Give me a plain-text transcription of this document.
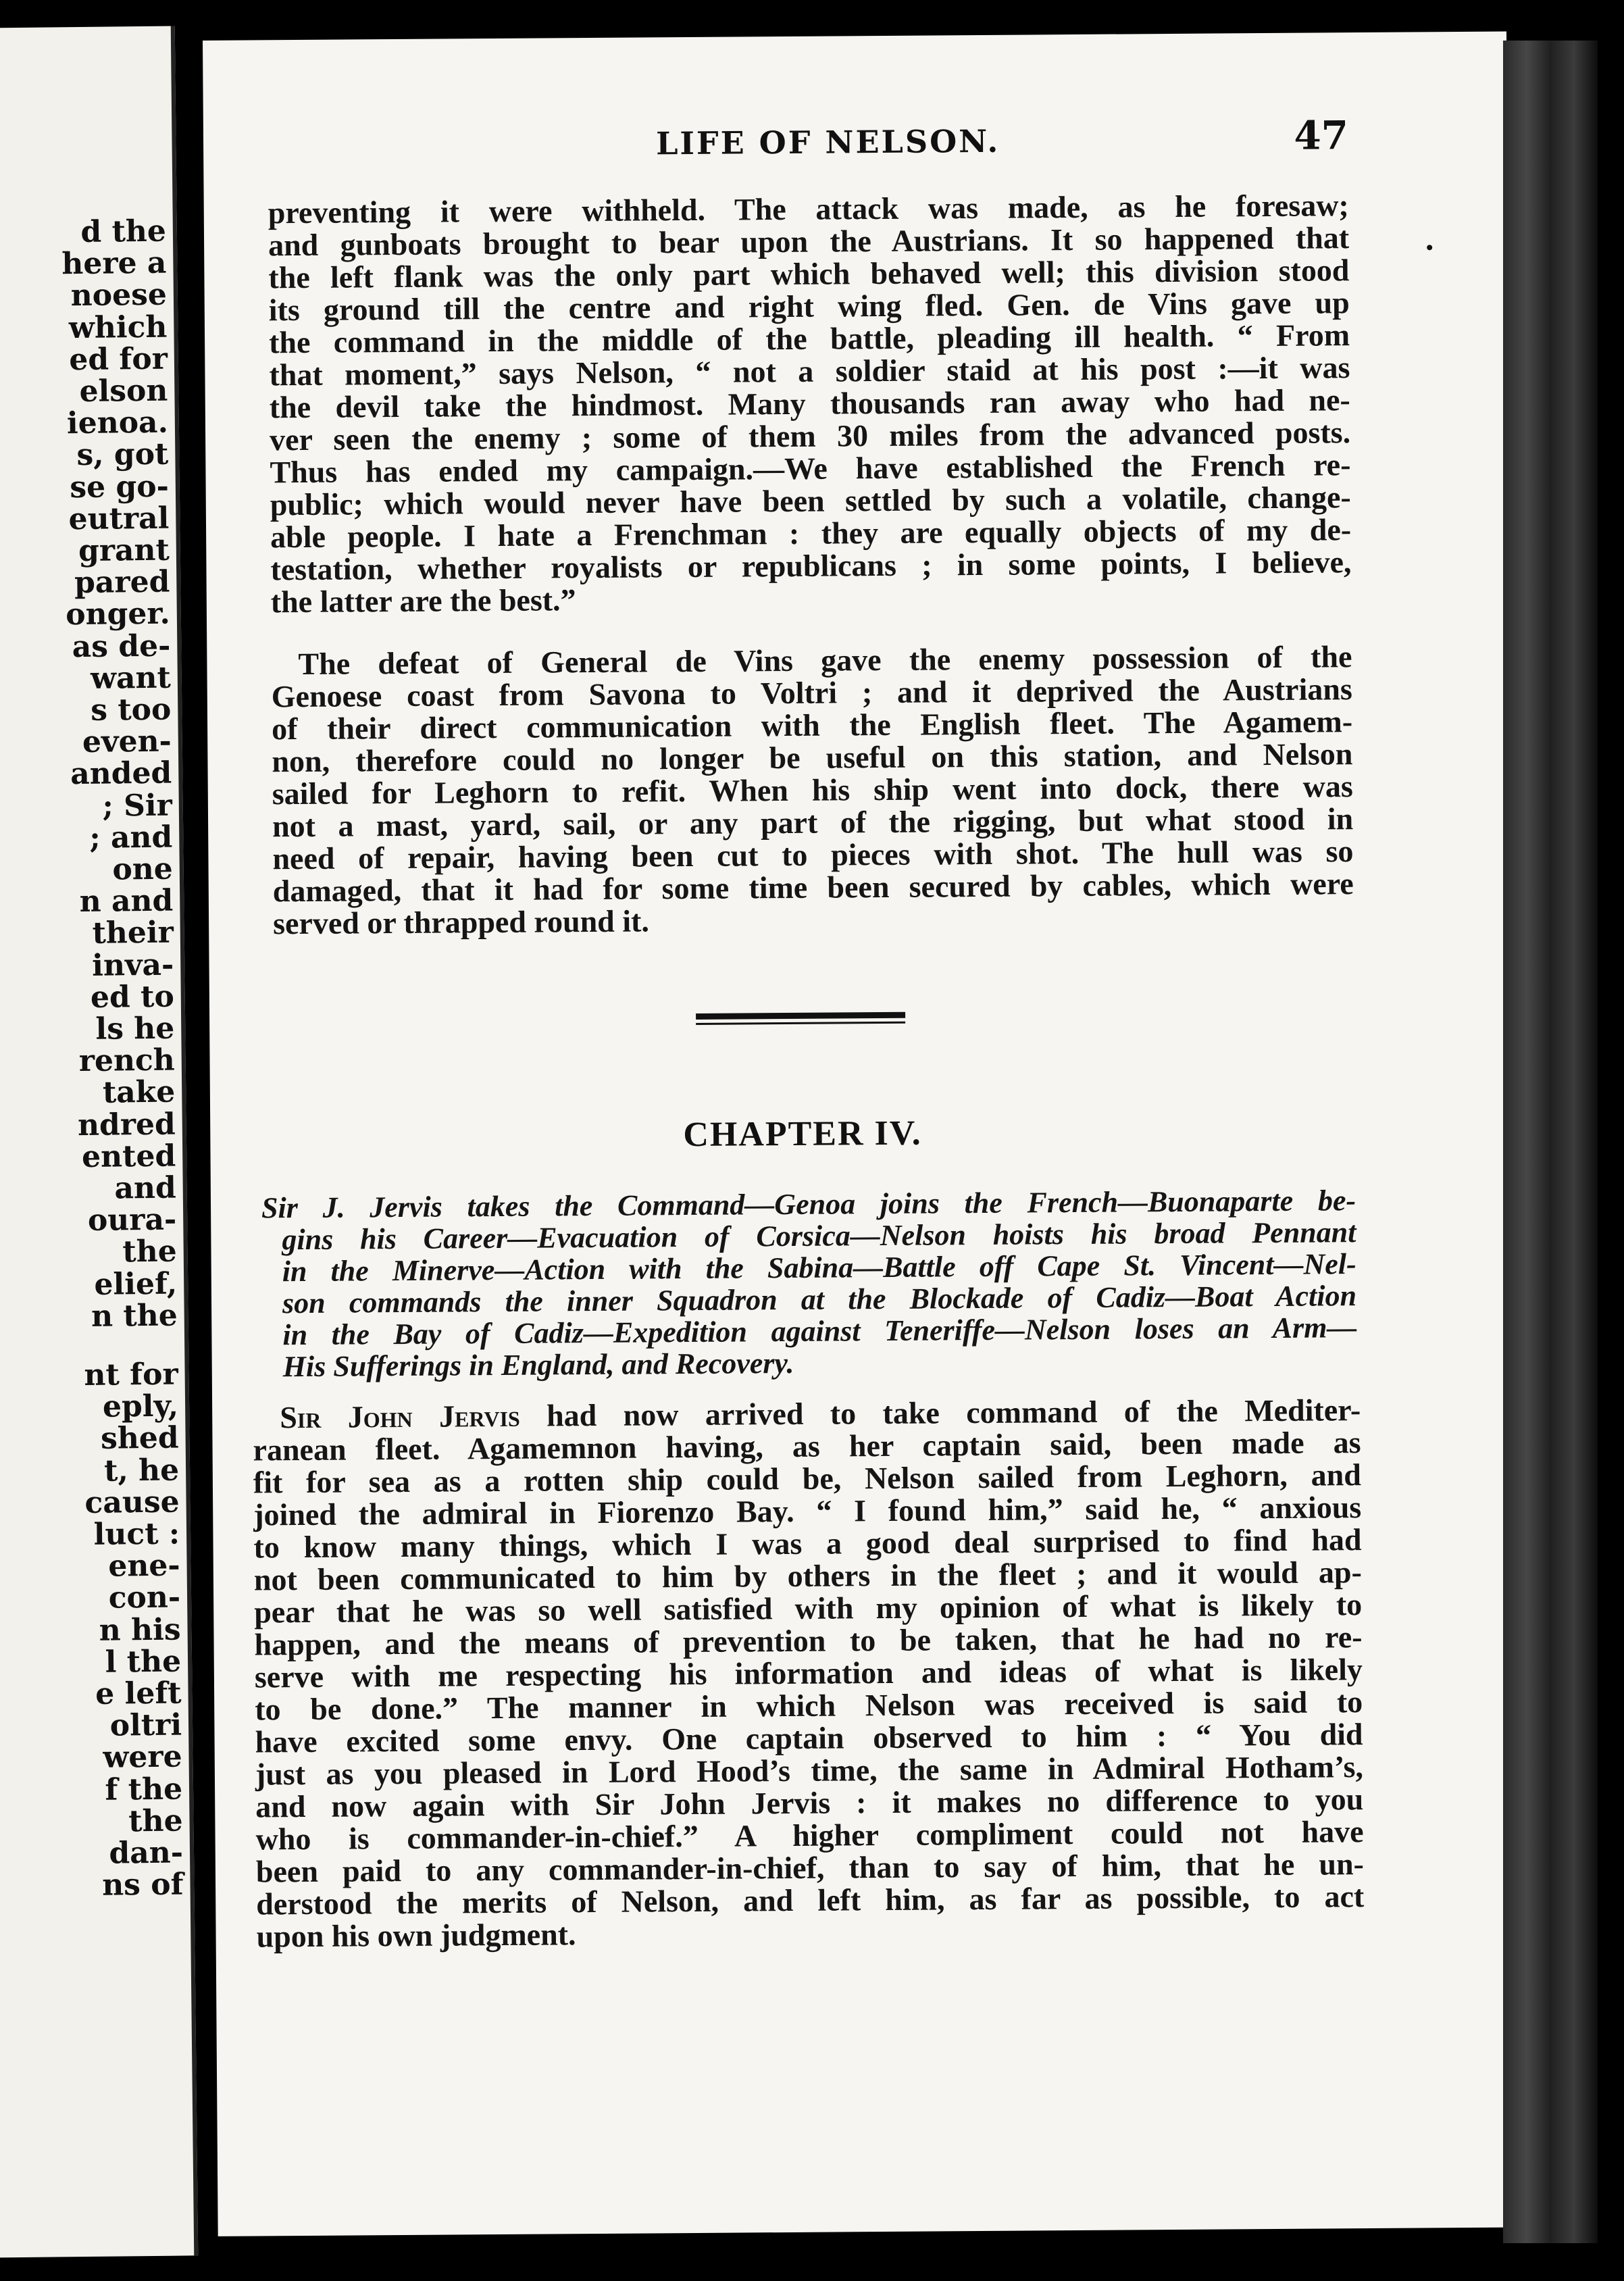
d the
here a
noese
which
ed for
elson
ienoa.
s, got
se go-
eutral
grant
pared
onger.
as de-
want
s too
even-
anded
; Sir
; and
one
n and
their
inva-
ed to
ls he
rench
take
ndred
ented
and
oura-
the
elief,
n the
nt for
eply,
shed
t, he
cause
luct :
ene-
con-
n his
l the
e left
oltri
were
f the
the
dan-
ns of
LIFE OF NELSON.	47

preventing it were withheld. The attack was made, as he foresaw;
and gunboats brought to bear upon the Austrians. It so happened that
the left flank was the only part which behaved well; this division stood
its ground till the centre and right wing fled. Gen. de Vins gave up
the command in the middle of the battle, pleading ill health. “ From
that moment,” says Nelson, “ not a soldier staid at his post :—it was
the devil take the hindmost. Many thousands ran away who had ne-
ver seen the enemy ; some of them 30 miles from the advanced posts.
Thus has ended my campaign.—We have established the French re-
public; which would never have been settled by such a volatile, change-
able people. I hate a Frenchman : they are equally objects of my de-
testation, whether royalists or republicans ; in some points, I believe,
the latter are the best.”

The defeat of General de Vins gave the enemy possession of the
Genoese coast from Savona to Voltri ; and it deprived the Austrians
of their direct communication with the English fleet. The Agamem-
non, therefore could no longer be useful on this station, and Nelson
sailed for Leghorn to refit. When his ship went into dock, there was
not a mast, yard, sail, or any part of the rigging, but what stood in
need of repair, having been cut to pieces with shot. The hull was so
damaged, that it had for some time been secured by cables, which were
served or thrapped round it.

CHAPTER IV.
Sir J. Jervis takes the Command—Genoa joins the French—Buonaparte be-
gins his Career—Evacuation of Corsica—Nelson hoists his broad Pennant
in the Minerve—Action with the Sabina—Battle off Cape St. Vincent—Nel-
son commands the inner Squadron at the Blockade of Cadiz—Boat Action
in the Bay of Cadiz—Expedition against Teneriffe—Nelson loses an Arm—
His Sufferings in England, and Recovery.

Sir John Jervis had now arrived to take command of the Mediter-
ranean fleet. Agamemnon having, as her captain said, been made as
fit for sea as a rotten ship could be, Nelson sailed from Leghorn, and
joined the admiral in Fiorenzo Bay. “ I found him,” said he, “ anxious
to know many things, which I was a good deal surprised to find had
not been communicated to him by others in the fleet ; and it would ap-
pear that he was so well satisfied with my opinion of what is likely to
happen, and the means of prevention to be taken, that he had no re-
serve with me respecting his information and ideas of what is likely
to be done.” The manner in which Nelson was received is said to
have excited some envy. One captain observed to him : “ You did
just as you pleased in Lord Hood’s time, the same in Admiral Hotham’s,
and now again with Sir John Jervis : it makes no difference to you
who is commander-in-chief.” A higher compliment could not have
been paid to any commander-in-chief, than to say of him, that he un-
derstood the merits of Nelson, and left him, as far as possible, to act
upon his own judgment.
